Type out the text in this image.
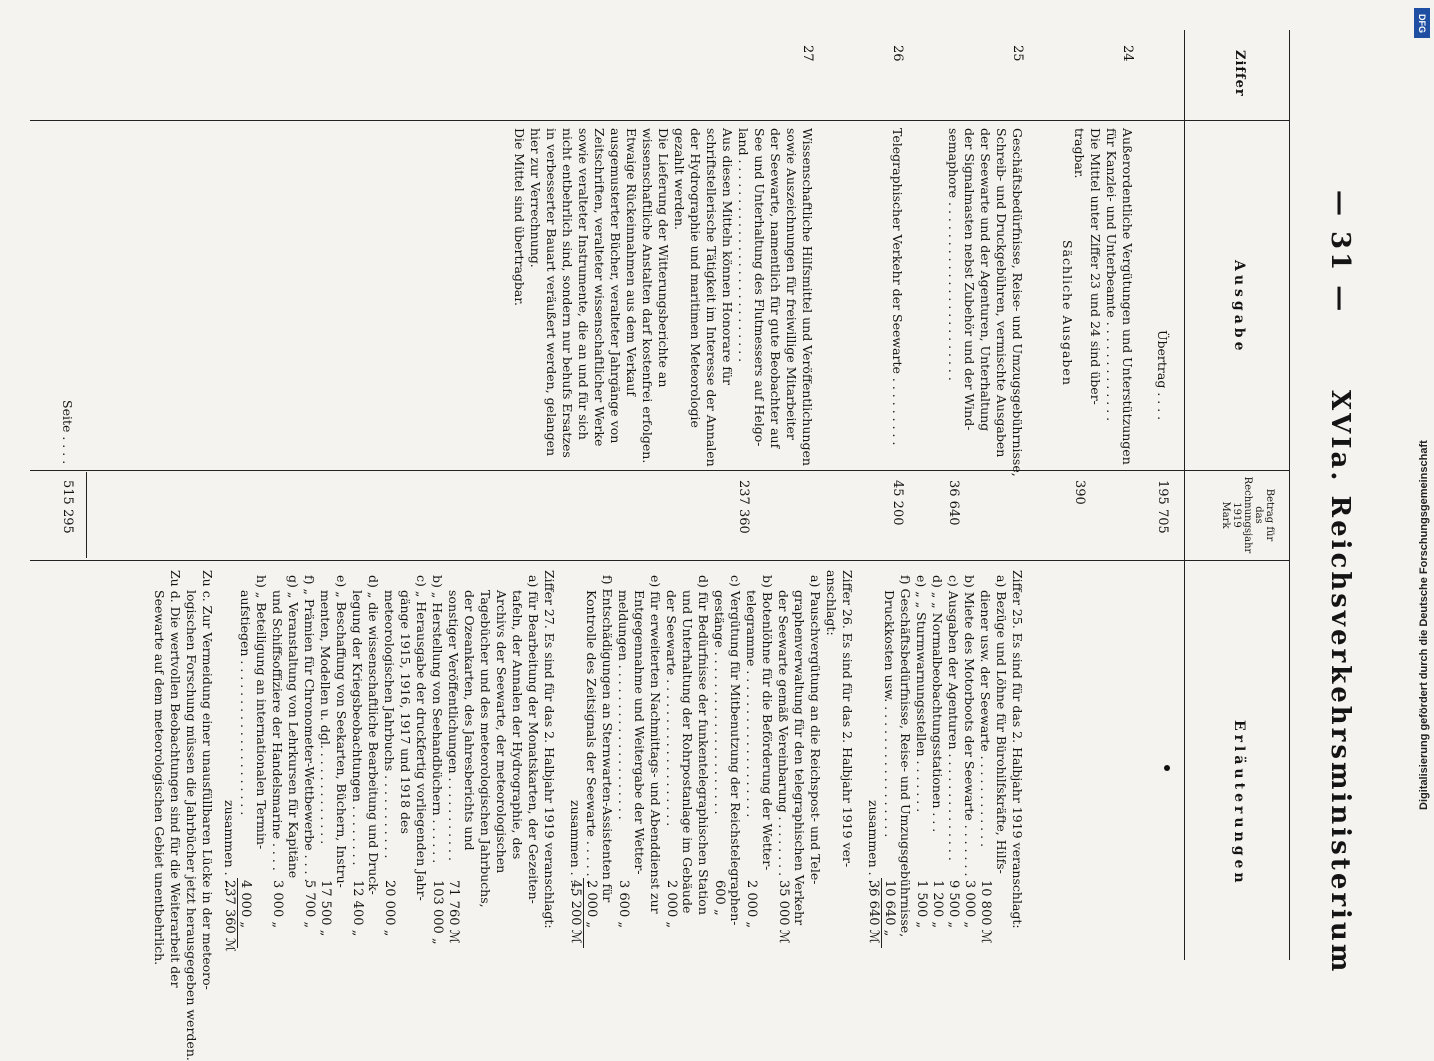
— 31 —
XVIa. Reichsverkehrsministerium
Ziffer
Ausgabe
Betrag für
das
Rechnungsjahr
1919
Mark
Erläuterungen
Übertrag . . . .
195 705
24
Außerordentliche Vergütungen und Unterstützungen
für Kanzlei- und Unterbeamte . . . . . . . . . . . . .
Die Mittel unter Ziffer 23 und 24 sind über-
tragbar.
390
Sächliche Ausgaben
25
Geschäftsbedürfnisse, Reise- und Umzugsgebührnisse,
Schreib- und Druckgebühren, vermischte Ausgaben
der Seewarte und der Agenturen, Unterhaltung
der Signalmasten nebst Zubehör und der Wind-
semaphore . . . . . . . . . . . . . . . . . . . . . . .
36 640
26
Telegraphischer Verkehr der Seewarte . . . . . . . . .
45 200
27
Wissenschaftliche Hilfsmittel und Veröffentlichungen
sowie Auszeichnungen für freiwillige Mitarbeiter
der Seewarte, namentlich für gute Beobachter auf
See und Unterhaltung des Flutmessers auf Helgo-
land . . . . . . . . . . . . . . . . . . . . . . . . . .
Aus diesen Mitteln können Honorare für
schriftstellerische Tätigkeit im Interesse der Annalen
der Hydrographie und maritimen Meteorologie
gezahlt werden.
Die Lieferung der Witterungsberichte an
wissenschaftliche Anstalten darf kostenfrei erfolgen.
Etwaige Rückeinnahmen aus dem Verkauf
ausgemusterter Bücher, veralteter Jahrgänge von
Zeitschriften, veralteter wissenschaftlicher Werke
sowie veralteter Instrumente, die an und für sich
nicht entbehrlich sind, sondern nur behufs Ersatzes
in verbesserter Bauart veräußert werden, gelangen
hier zur Verrechnung.
Die Mittel sind übertragbar.
237 360
Seite . . . .
515 295
Ziffer 25. Es sind für das 2. Halbjahr 1919 veranschlagt:
a) Bezüge und Löhne für Bürohilfskräfte, Hilfs-
diener usw. der Seewarte . . . . . . . . . . . .
10 800 ℳ
b) Miete des Motorboots der Seewarte . . . . . . .
3 000 „
c) Ausgaben der Agenturen . . . . . . . . . . . . . .
9 500 „
d) „ „ Normalbeobachtungsstationen . . .
1 200 „
e) „ „ Sturmwarnungsstellen . . . . . . .
1 500 „
f) Geschäftsbedürfnisse, Reise- und Umzugsgebührnisse,
Druckkosten usw. . . . . . . . . . . . . . . . . .
10 640 „
zusammen . . .
36 640 ℳ
Ziffer 26. Es sind für das 2. Halbjahr 1919 ver-
anschlagt:
a) Pauschvergütung an die Reichspost- und Tele-
graphenverwaltung für den telegraphischen Verkehr
der Seewarte gemäß Vereinbarung . . . . . . . .
35 000 ℳ
b) Botenlöhne für die Beförderung der Wetter-
telegramme . . . . . . . . . . . . . . . . . . .
2 000 „
c) Vergütung für Mitbenutzung der Reichstelegraphen-
gestänge . . . . . . . . . . . . . . . . . . . . .
600 „
d) für Bedürfnisse der funkentelegraphischen Station
und Unterhaltung der Rohrpostanlage im Gebäude
der Seewarte . . . . . . . . . . . . . . . . . . .
2 000 „
e) für erweiterten Nachmittags- und Abenddienst zur
Entgegennahme und Weitergabe der Wetter-
meldungen . . . . . . . . . . . . . . . . . . . .
3 600 „
f) Entschädigungen an Sternwarten-Assistenten für
Kontrolle des Zeitsignals der Seewarte . . . . . .
2 000 „
zusammen . . .
45 200 ℳ
Ziffer 27. Es sind für das 2. Halbjahr 1919 veranschlagt:
a) für Bearbeitung der Monatskarten, der Gezeiten-
tafeln, der Annalen der Hydrographie, des
Archivs der Seewarte, der meteorologischen
Tagebücher und des meteorologischen Jahrbuchs,
der Ozeankarten, des Jahresberichts und
sonstiger Veröffentlichungen . . . . . . . . . . .
71 760 ℳ
b) „ Herstellung von Seehandbüchern . . . . . .
103 000 „
c) „ Herausgabe der druckfertig vorliegenden Jahr-
gänge 1915, 1916, 1917 und 1918 des
meteorologischen Jahrbuchs . . . . . . . . . . .
20 000 „
d) „ die wissenschaftliche Bearbeitung und Druck-
legung der Kriegsbeobachtungen . . . . . . . .
12 400 „
e) „ Beschaffung von Seekarten, Büchern, Instru-
menten, Modellen u. dgl. . . . . . . . . . . . .
17 500 „
f) „ Prämien für Chronometer-Wettbewerbe . . . .
5 700 „
g) „ Veranstaltung von Lehrkursen für Kapitäne
und Schiffsoffiziere der Handelsmarine . . . .
3 000 „
h) „ Beteiligung an internationalen Termin-
aufstiegen . . . . . . . . . . . . . . . . . . . .
4 000 „
zusammen . . .
237 360 ℳ
Zu c. Zur Vermeidung einer unausfüllbaren Lücke in der meteoro-
logischen Forschung müssen die Jahrbücher jetzt herausgegeben werden.
Zu d. Die wertvollen Beobachtungen sind für die Weiterarbeit der
Seewarte auf dem meteorologischen Gebiet unentbehrlich.
DFG
Digitalisierung gefördert durch die Deutsche Forschungsgemeinschaft
